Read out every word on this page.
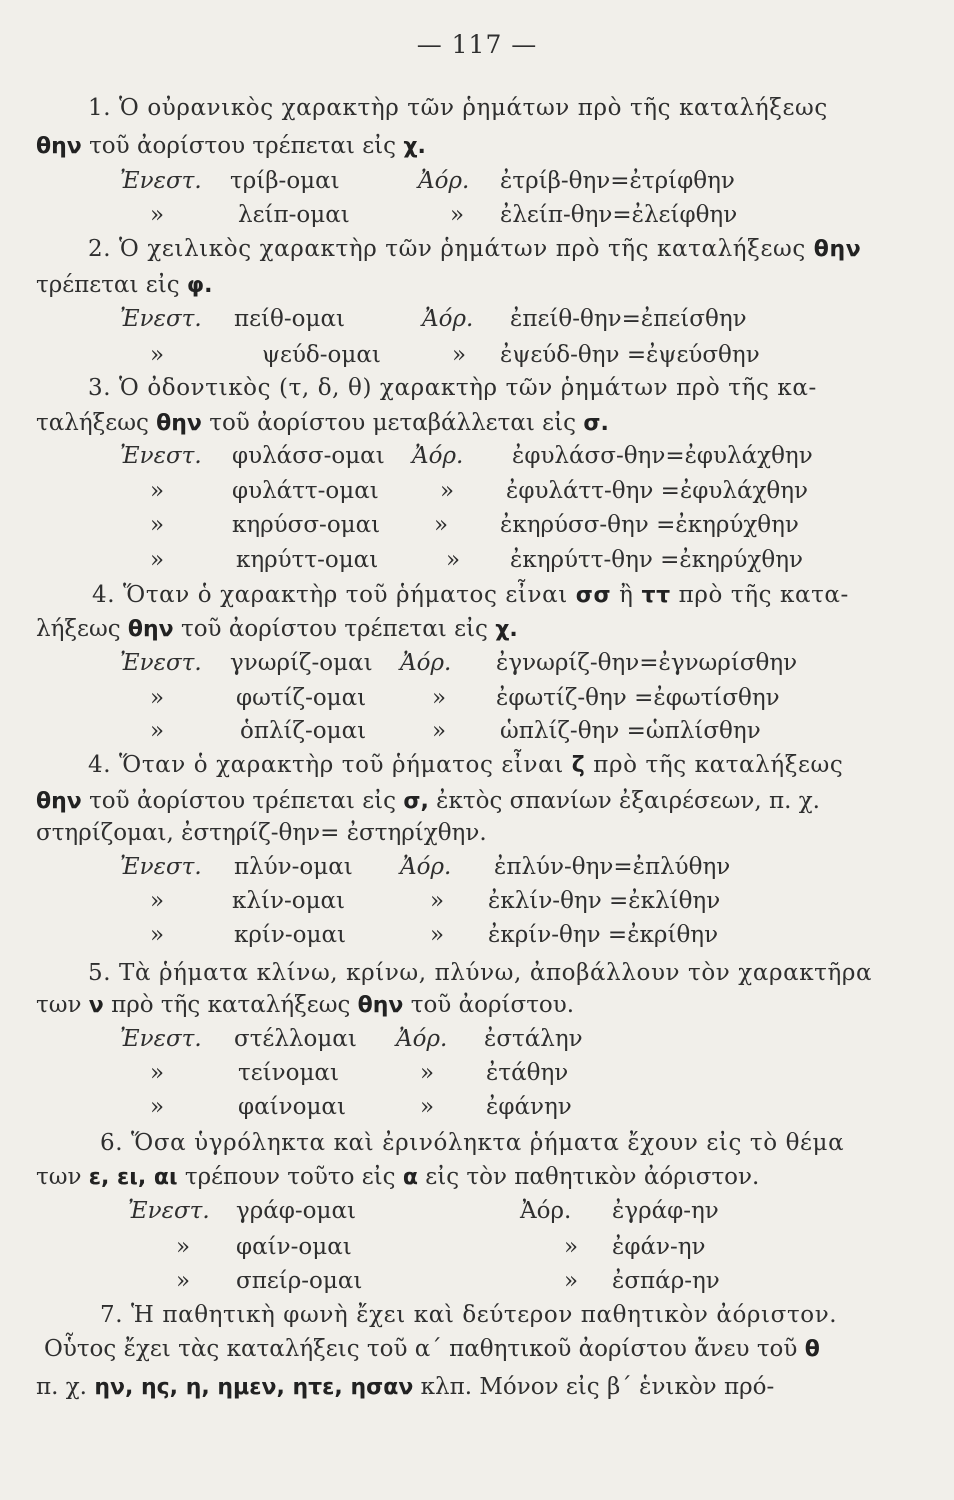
— 117 —
1. Ὁ οὐρανικὸς χαρακτὴρ τῶν ῥημάτων πρὸ τῆς καταλήξεως
θην τοῦ ἀορίστου τρέπεται εἰς χ.
Ἐνεστ. τρίβ-ομαι	Ἀόρ. ἐτρίβ-θην=ἐτρίφθην
»	λείπ-ομαι	» ἐλείπ-θην=ἐλείφθην
2. Ὁ χειλικὸς χαρακτὴρ τῶν ῥημάτων πρὸ τῆς καταλήξεως θην
τρέπεται εἰς φ.
Ἐνεστ. πείθ-ομαι	Ἀόρ. ἐπείθ-θην=ἐπείσθην
»	ψεύδ-ομαι	» ἐψεύδ-θην =ἐψεύσθην
3. Ὁ ὀδοντικὸς (τ, δ, θ) χαρακτὴρ τῶν ῥημάτων πρὸ τῆς κα-
ταλήξεως θην τοῦ ἀορίστου μεταβάλλεται εἰς σ.
Ἐνεστ. φυλάσσ-ομαι Ἀόρ. ἐφυλάσσ-θην=ἐφυλάχθην
»	φυλάττ-ομαι	» ἐφυλάττ-θην =ἐφυλάχθην
»	κηρύσσ-ομαι » ἐκηρύσσ-θην =ἐκηρύχθην
»	κηρύττ-ομαι	» ἐκηρύττ-θην =ἐκηρύχθην
4. Ὅταν ὁ χαρακτὴρ τοῦ ῥήματος εἶναι σσ ἢ ττ πρὸ τῆς κατα-
λήξεως θην τοῦ ἀορίστου τρέπεται εἰς χ.
Ἐνεστ. γνωρίζ-ομαι Ἀόρ. ἐγνωρίζ-θην=ἐγνωρίσθην
»	φωτίζ-ομαι	» ἐφωτίζ-θην =ἐφωτίσθην
»	ὁπλίζ-ομαι	» ὡπλίζ-θην =ὡπλίσθην
4. Ὅταν ὁ χαρακτὴρ τοῦ ῥήματος εἶναι ζ πρὸ τῆς καταλήξεως
θην τοῦ ἀορίστου τρέπεται εἰς σ, ἐκτὸς σπανίων ἐξαιρέσεων, π. χ.
στηρίζομαι, ἐστηρίζ-θην= ἐστηρίχθην.
Ἐνεστ. πλύν-ομαι Ἀόρ. ἐπλύν-θην=ἐπλύθην
»	κλίν-ομαι	» ἐκλίν-θην =ἐκλίθην
»	κρίν-ομαι	» ἐκρίν-θην =ἐκρίθην
5. Τὰ ῥήματα κλίνω, κρίνω, πλύνω, ἀποβάλλουν τὸν χαρακτῆρα
των ν πρὸ τῆς καταλήξεως θην τοῦ ἀορίστου.
Ἐνεστ. στέλλομαι Ἀόρ. ἐστάλην
»	τείνομαι	» ἐτάθην
»	φαίνομαι	» ἐφάνην
6. Ὅσα ὑγρόληκτα καὶ ἐρινόληκτα ῥήματα ἔχουν εἰς τὸ θέμα
των ε, ει, αι τρέπουν τοῦτο εἰς α εἰς τὸν παθητικὸν ἀόριστον.
Ἐνεστ. γράφ-ομαι	Ἀόρ. ἐγράφ-ην
» φαίν-ομαι	» ἐφάν-ην
» σπείρ-ομαι	» ἐσπάρ-ην
7. Ἡ παθητικὴ φωνὴ ἔχει καὶ δεύτερον παθητικὸν ἀόριστον.
Οὗτος ἔχει τὰς καταλήξεις τοῦ α΄ παθητικοῦ ἀορίστου ἄνευ τοῦ θ
π. χ. ην, ης, η, ημεν, ητε, ησαν κλπ. Μόνον εἰς β΄ ἑνικὸν πρό-
